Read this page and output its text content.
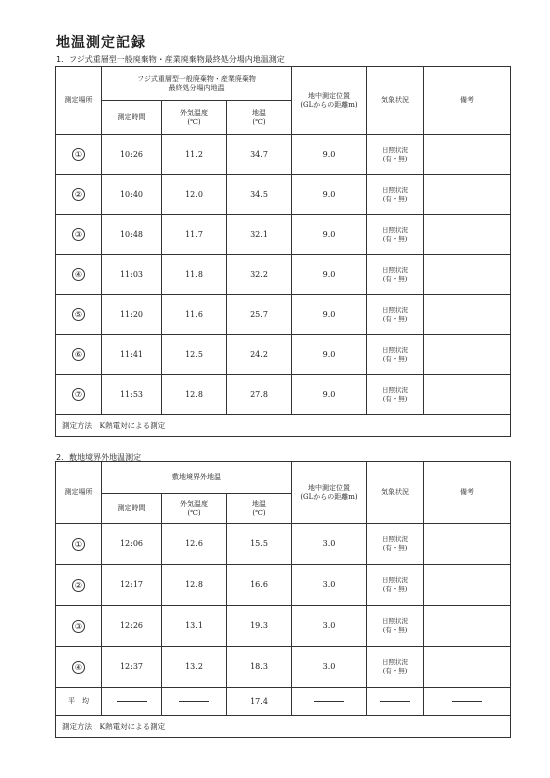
地温測定記録
1．フジ式重層型一般廃棄物・産業廃棄物最終処分場内地温測定
測定場所	フジ式重層型一般廃棄物・産業廃棄物
最終処分場内地温			地中測定位置
(GLからの距離m)	気象状況	備考
	測定時間	外気温度
(℃)	地温
(℃)			
①	10:26	11.2	34.7	9.0	日照状況
(有・無)	

②	10:40	12.0	34.5	9.0	日照状況
(有・無)	

③	10:48	11.7	32.1	9.0	日照状況
(有・無)	

④	11:03	11.8	32.2	9.0	日照状況
(有・無)	

⑤	11:20	11.6	25.7	9.0	日照状況
(有・無)	

⑥	11:41	12.5	24.2	9.0	日照状況
(有・無)	

⑦	11:53	12.8	27.8	9.0	日照状況
(有・無)	

測定方法　 K熱電対による測定						
2．敷地境界外地温測定
測定場所	敷地境界外地温			地中測定位置
(GLからの距離m)	気象状況	備考
	測定時間	外気温度
(℃)	地温
(℃)			
①	12:06	12.6	15.5	3.0	日照状況
(有・無)	

②	12:17	12.8	16.6	3.0	日照状況
(有・無)	

③	12:26	13.1	19.3	3.0	日照状況
(有・無)	

④	12:37	13.2	18.3	3.0	日照状況
(有・無)	

平　均			17.4			
測定方法　 K熱電対による測定						
